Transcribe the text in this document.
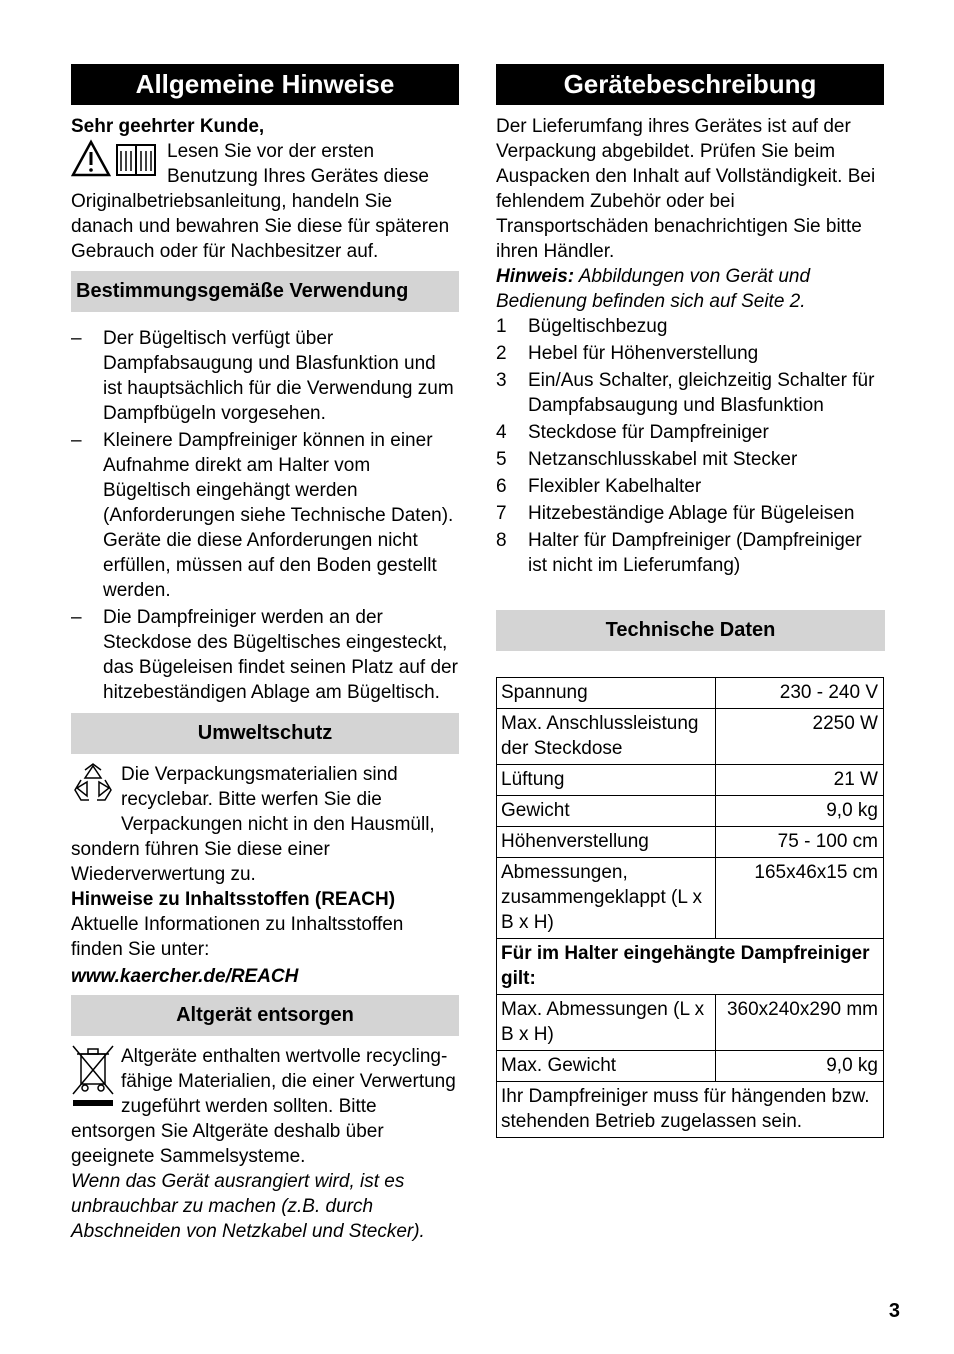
Allgemeine Hinweise

Sehr geehrter Kunde,

Lesen Sie vor der ersten Benutzung Ihres Gerätes diese Originalbetriebsanleitung, handeln Sie danach und bewahren Sie diese für späteren Gebrauch oder für Nachbesitzer auf.

Bestimmungsgemäße Verwendung
– Der Bügeltisch verfügt über Dampfabsaugung und Blasfunktion und ist hauptsächlich für die Verwendung zum Dampfbügeln vorgesehen.
– Kleinere Dampfreiniger können in einer Aufnahme direkt am Halter vom Bügeltisch eingehängt werden (Anforderungen siehe Technische Daten). Geräte die diese Anforderungen nicht erfüllen, müssen auf den Boden gestellt werden.
– Die Dampfreiniger werden an der Steckdose des Bügeltisches eingesteckt, das Bügeleisen findet seinen Platz auf der hitzebeständigen Ablage am Bügeltisch.
Umweltschutz

Die Verpackungsmaterialien sind recyclebar. Bitte werfen Sie die Verpackungen nicht in den Hausmüll, sondern führen Sie diese einer Wiederverwertung zu.

Hinweise zu Inhaltsstoffen (REACH)

Aktuelle Informationen zu Inhaltsstoffen finden Sie unter:

www.kaercher.de/REACH

Altgerät entsorgen

Altgeräte enthalten wertvolle recyclingfähige Materialien, die einer Verwertung zugeführt werden sollten. Bitte entsorgen Sie Altgeräte deshalb über geeignete Sammelsysteme.

Wenn das Gerät ausrangiert wird, ist es unbrauchbar zu machen (z.B. durch Abschneiden von Netzkabel und Stecker).

Gerätebeschreibung

Der Lieferumfang ihres Gerätes ist auf der Verpackung abgebildet. Prüfen Sie beim Auspacken den Inhalt auf Vollständigkeit. Bei fehlendem Zubehör oder bei Transportschäden benachrichtigen Sie bitte ihren Händler.

Hinweis: Abbildungen von Gerät und Bedienung befinden sich auf Seite 2.

1 Bügeltischbezug
2 Hebel für Höhenverstellung
3 Ein/Aus Schalter, gleichzeitig Schalter für Dampfabsaugung und Blasfunktion
4 Steckdose für Dampfreiniger
5 Netzanschlusskabel mit Stecker
6 Flexibler Kabelhalter
7 Hitzebeständige Ablage für Bügeleisen
8 Halter für Dampfreiniger (Dampfreiniger ist nicht im Lieferumfang)
Technische Daten
Spannung	230 - 240 V
Max. Anschlussleistung der Steckdose	2250 W
Lüftung	21 W
Gewicht	9,0 kg
Höhenverstellung	75 - 100 cm
Abmessungen, zusammengeklappt (L x B x H)	165x46x15 cm
Für im Halter eingehängte Dampfreiniger gilt:	
Max. Abmessungen (L x B x H)	360x240x290 mm
Max. Gewicht	9,0 kg
Ihr Dampfreiniger muss für hängenden bzw. stehenden Betrieb zugelassen sein.	
3
